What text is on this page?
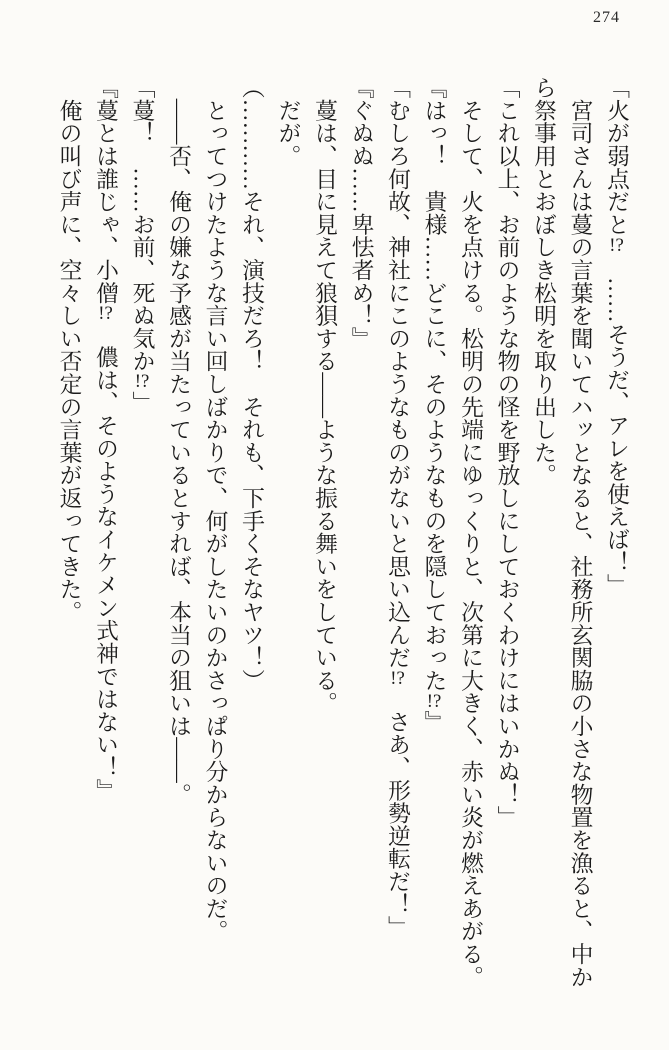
274

「火が弱点だと!?　……そうだ、アレを使えば！」

　宮司さんは蔓の言葉を聞いてハッとなると、社務所玄関脇の小さな物置を漁ると、中から祭事用とおぼしき松明を取り出した。

「これ以上、お前のような物の怪を野放しにしておくわけにはいかぬ！」

　そして、火を点ける。松明の先端にゆっくりと、次第に大きく、赤い炎が燃えあがる。

『はっ！　貴様……どこに、そのようなものを隠しておった!?』

「むしろ何故、神社にこのようなものがないと思い込んだ!?　さあ、形勢逆転だ！」

『ぐぬぬ……卑怯者め！』

　蔓は、目に見えて狼狽する——ような振る舞いをしている。

　だが。

（…………それ、演技だろ！　それも、下手くそなヤツ！）

　とってつけたような言い回しばかりで、何がしたいのかさっぱり分からないのだ。

　——否、俺の嫌な予感が当たっているとすれば、本当の狙いは——。

「蔓！　……お前、死ぬ気か!?」

『蔓とは誰じゃ、小僧!?　儂は、そのようなイケメン式神ではない！』

　俺の叫び声に、空々しい否定の言葉が返ってきた。
